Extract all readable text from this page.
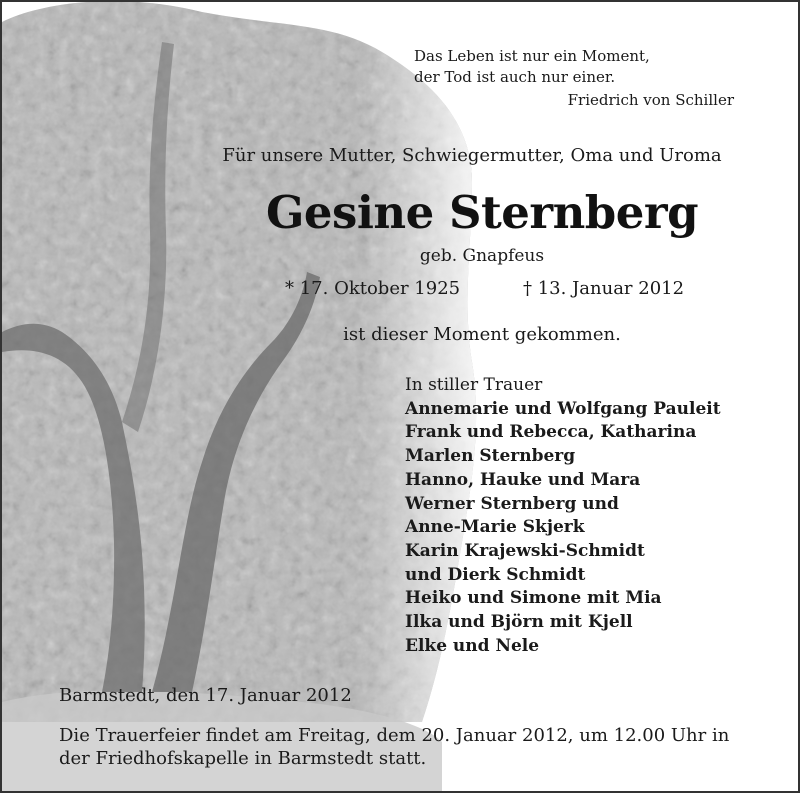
Das Leben ist nur ein Moment,
der Tod ist auch nur einer.
Friedrich von Schiller
Für unsere Mutter, Schwiegermutter, Oma und Uroma
Gesine Sternberg
geb. Gnapfeus
* 17. Oktober 1925	† 13. Januar 2012
ist dieser Moment gekommen.
In stiller Trauer
Annemarie und Wolfgang Pauleit
Frank und Rebecca, Katharina
Marlen Sternberg
Hanno, Hauke und Mara
Werner Sternberg und
Anne-Marie Skjerk
Karin Krajewski-Schmidt
und Dierk Schmidt
Heiko und Simone mit Mia
Ilka und Björn mit Kjell
Elke und Nele
Barmstedt, den 17. Januar 2012
Die Trauerfeier findet am Freitag, dem 20. Januar 2012, um 12.00 Uhr in der Friedhofskapelle in Barmstedt statt.
